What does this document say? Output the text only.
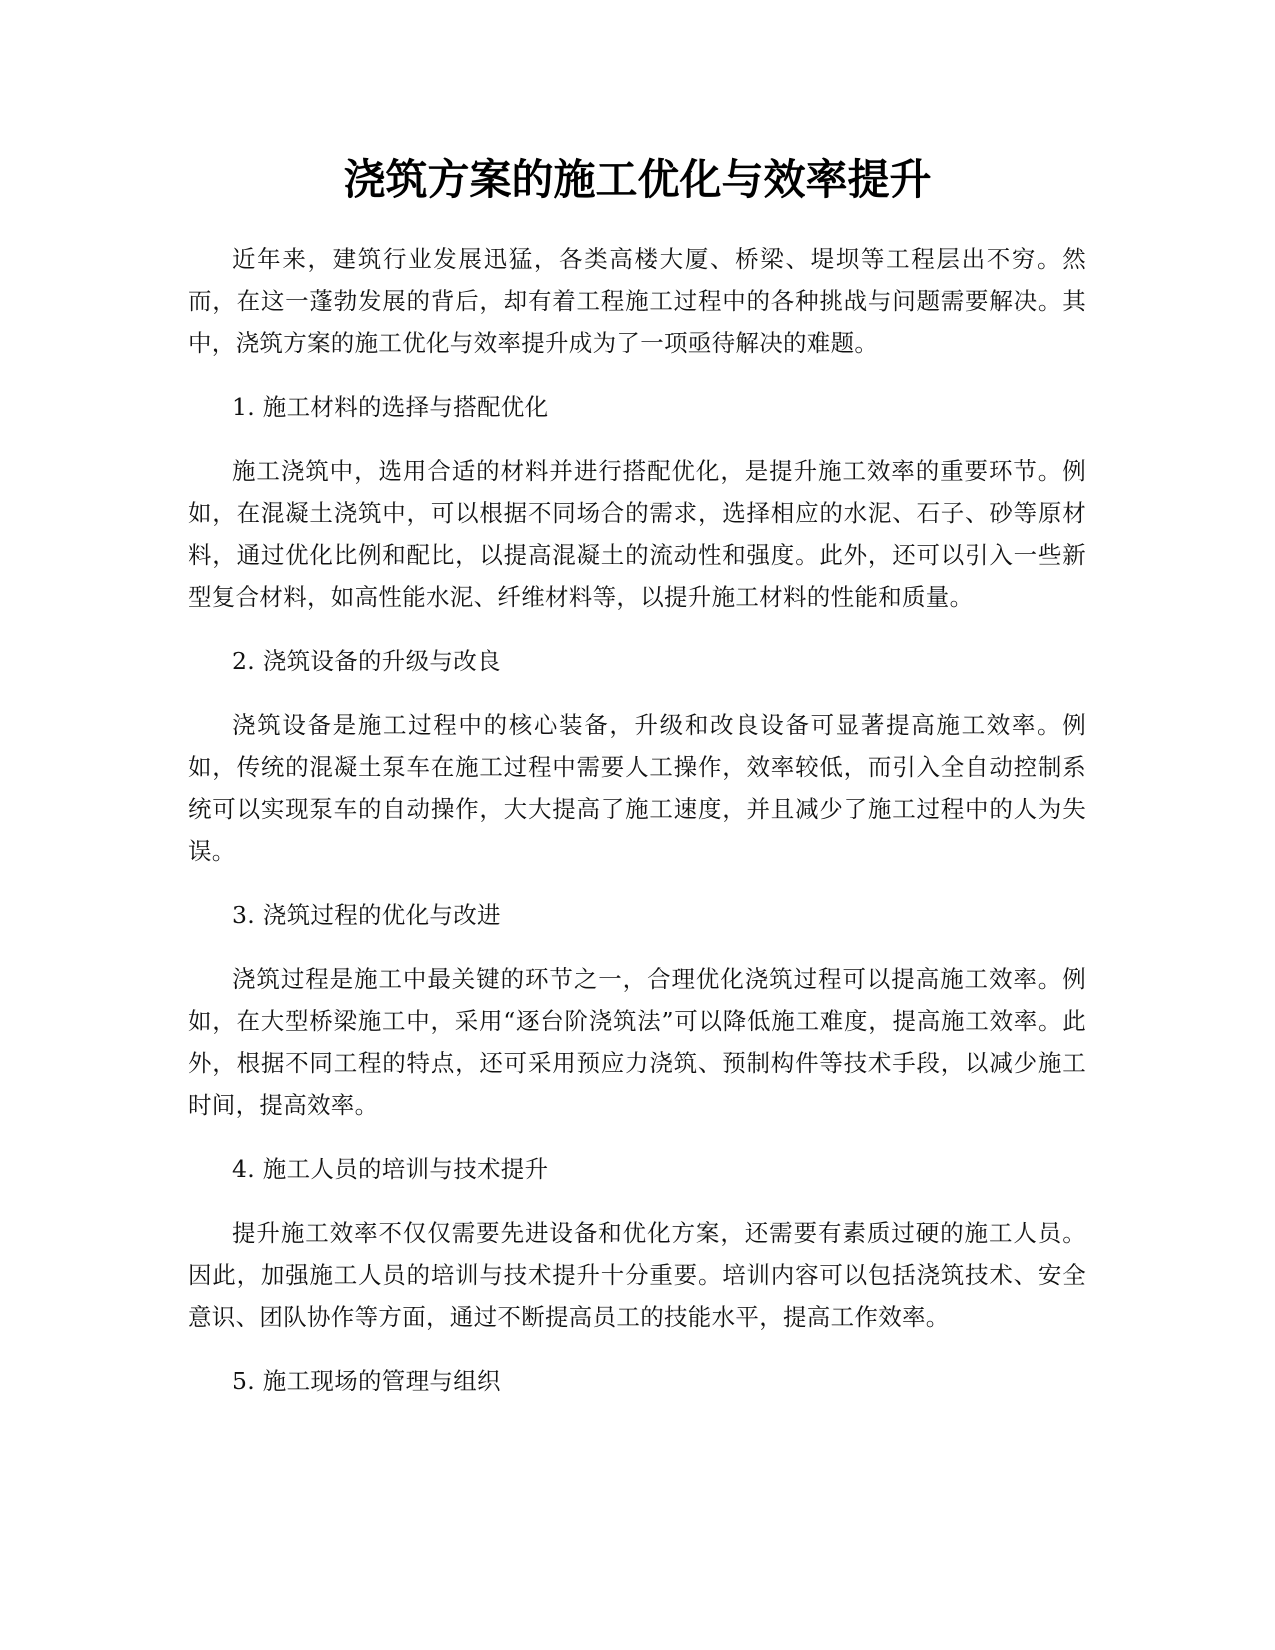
浇筑方案的施工优化与效率提升

近年来，建筑行业发展迅猛，各类高楼大厦、桥梁、堤坝等工程层出不穷。然而，在这一蓬勃发展的背后，却有着工程施工过程中的各种挑战与问题需要解决。其中，浇筑方案的施工优化与效率提升成为了一项亟待解决的难题。

1. 施工材料的选择与搭配优化

施工浇筑中，选用合适的材料并进行搭配优化，是提升施工效率的重要环节。例如，在混凝土浇筑中，可以根据不同场合的需求，选择相应的水泥、石子、砂等原材料，通过优化比例和配比，以提高混凝土的流动性和强度。此外，还可以引入一些新型复合材料，如高性能水泥、纤维材料等，以提升施工材料的性能和质量。

2. 浇筑设备的升级与改良

浇筑设备是施工过程中的核心装备，升级和改良设备可显著提高施工效率。例如，传统的混凝土泵车在施工过程中需要人工操作，效率较低，而引入全自动控制系统可以实现泵车的自动操作，大大提高了施工速度，并且减少了施工过程中的人为失误。

3. 浇筑过程的优化与改进

浇筑过程是施工中最关键的环节之一，合理优化浇筑过程可以提高施工效率。例如，在大型桥梁施工中，采用“逐台阶浇筑法”可以降低施工难度，提高施工效率。此外，根据不同工程的特点，还可采用预应力浇筑、预制构件等技术手段，以减少施工时间，提高效率。

4. 施工人员的培训与技术提升

提升施工效率不仅仅需要先进设备和优化方案，还需要有素质过硬的施工人员。因此，加强施工人员的培训与技术提升十分重要。培训内容可以包括浇筑技术、安全意识、团队协作等方面，通过不断提高员工的技能水平，提高工作效率。

5. 施工现场的管理与组织
